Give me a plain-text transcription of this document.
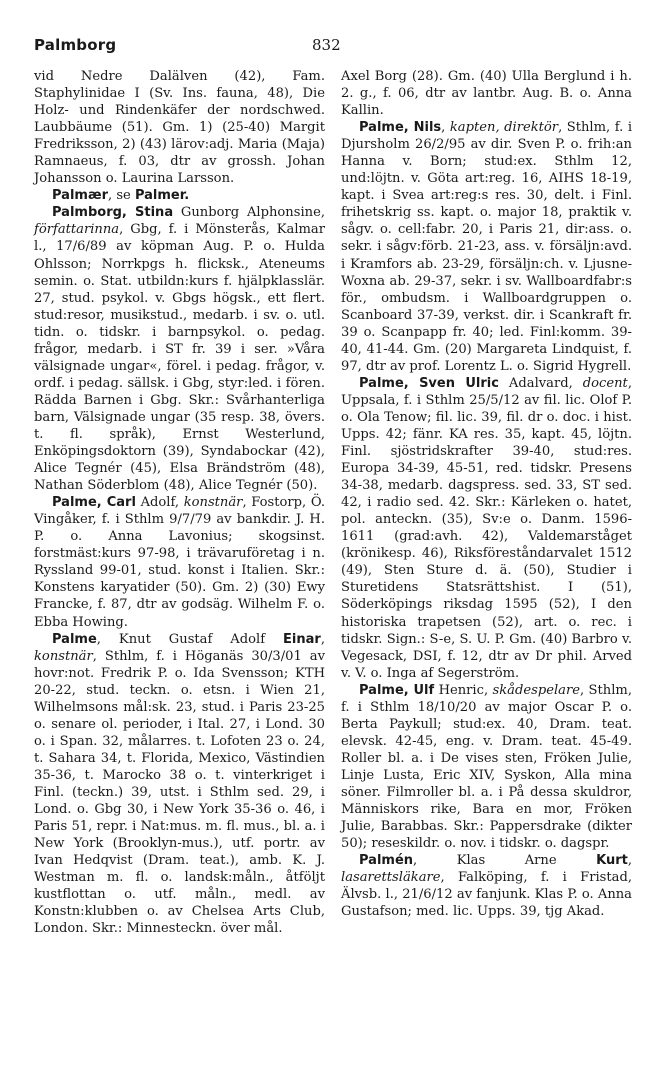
Palmborg	832

vid Nedre Dalälven (42), Fam. Staphylinidae I (Sv. Ins. fauna, 48), Die Holz- und Rindenkäfer der nordschwed. Laubbäume (51). Gm. 1) (25-40) Margit Fredriksson, 2) (43) lärov:adj. Maria (Maja) Ramnaeus, f. 03, dtr av grossh. Johan Johansson o. Laurina Larsson.

Palmær, se Palmer.

Palmborg, Stina Gunborg Alphonsine, författarinna, Gbg, f. i Mönsterås, Kalmar l., 17/6/89 av köpman Aug. P. o. Hulda Ohlsson; Norrkpgs h. flicksk., Ateneums semin. o. Stat. utbildn:kurs f. hjälpklasslär. 27, stud. psykol. v. Gbgs högsk., ett flert. stud:resor, musikstud., medarb. i sv. o. utl. tidn. o. tidskr. i barnpsykol. o. pedag. frågor, medarb. i ST fr. 39 i ser. »Våra välsignade ungar«, förel. i pedag. frågor, v. ordf. i pedag. sällsk. i Gbg, styr:led. i fören. Rädda Barnen i Gbg. Skr.: Svårhanterliga barn, Välsignade ungar (35 resp. 38, övers. t. fl. språk), Ernst Westerlund, Enköpingsdoktorn (39), Syndabockar (42), Alice Tegnér (45), Elsa Brändström (48), Nathan Söderblom (48), Alice Tegnér (50).

Palme, Carl Adolf, konstnär, Fostorp, Ö. Vingåker, f. i Sthlm 9/7/79 av bankdir. J. H. P. o. Anna Lavonius; skogsinst. forstmäst:kurs 97-98, i trävaruföretag i n. Ryssland 99-01, stud. konst i Italien. Skr.: Konstens karyatider (50). Gm. 2) (30) Ewy Francke, f. 87, dtr av godsäg. Wilhelm F. o. Ebba Howing.

Palme, Knut Gustaf Adolf Einar, konstnär, Sthlm, f. i Höganäs 30/3/01 av hovr:not. Fredrik P. o. Ida Svensson; KTH 20-22, stud. teckn. o. etsn. i Wien 21, Wilhelmsons mål:sk. 23, stud. i Paris 23-25 o. senare ol. perioder, i Ital. 27, i Lond. 30 o. i Span. 32, målarres. t. Lofoten 23 o. 24, t. Sahara 34, t. Florida, Mexico, Västindien 35-36, t. Marocko 38 o. t. vinterkriget i Finl. (teckn.) 39, utst. i Sthlm sed. 29, i Lond. o. Gbg 30, i New York 35-36 o. 46, i Paris 51, repr. i Nat:mus. m. fl. mus., bl. a. i New York (Brooklyn-mus.), utf. portr. av Ivan Hedqvist (Dram. teat.), amb. K. J. Westman m. fl. o. landsk:måln., åtföljt kustflottan o. utf. måln., medl. av Konstn:klubben o. av Chelsea Arts Club, London. Skr.: Minnesteckn. över mål.

Axel Borg (28). Gm. (40) Ulla Berglund i h. 2. g., f. 06, dtr av lantbr. Aug. B. o. Anna Kallin.

Palme, Nils, kapten, direktör, Sthlm, f. i Djursholm 26/2/95 av dir. Sven P. o. frih:an Hanna v. Born; stud:ex. Sthlm 12, und:löjtn. v. Göta art:reg. 16, AIHS 18-19, kapt. i Svea art:reg:s res. 30, delt. i Finl. frihetskrig ss. kapt. o. major 18, praktik v. sågv. o. cell:fabr. 20, i Paris 21, dir:ass. o. sekr. i sågv:förb. 21-23, ass. v. försäljn:avd. i Kramfors ab. 23-29, försäljn:ch. v. Ljusne-Woxna ab. 29-37, sekr. i sv. Wallboardfabr:s för., ombudsm. i Wallboardgruppen o. Scanboard 37-39, verkst. dir. i Scankraft fr. 39 o. Scanpapp fr. 40; led. Finl:komm. 39-40, 41-44. Gm. (20) Margareta Lindquist, f. 97, dtr av prof. Lorentz L. o. Sigrid Hygrell.

Palme, Sven Ulric Adalvard, docent, Uppsala, f. i Sthlm 25/5/12 av fil. lic. Olof P. o. Ola Tenow; fil. lic. 39, fil. dr o. doc. i hist. Upps. 42; fänr. KA res. 35, kapt. 45, löjtn. Finl. sjöstridskrafter 39-40, stud:res. Europa 34-39, 45-51, red. tidskr. Presens 34-38, medarb. dagspress. sed. 33, ST sed. 42, i radio sed. 42. Skr.: Kärleken o. hatet, pol. anteckn. (35), Sv:e o. Danm. 1596-1611 (grad:avh. 42), Valdemarståget (krönikesp. 46), Riksföreståndarvalet 1512 (49), Sten Sture d. ä. (50), Studier i Sturetidens Statsrättshist. I (51), Söderköpings riksdag 1595 (52), I den historiska trapetsen (52), art. o. rec. i tidskr. Sign.: S-e, S. U. P. Gm. (40) Barbro v. Vegesack, DSI, f. 12, dtr av Dr phil. Arved v. V. o. Inga af Segerström.

Palme, Ulf Henric, skådespelare, Sthlm, f. i Sthlm 18/10/20 av major Oscar P. o. Berta Paykull; stud:ex. 40, Dram. teat. elevsk. 42-45, eng. v. Dram. teat. 45-49. Roller bl. a. i De vises sten, Fröken Julie, Linje Lusta, Eric XIV, Syskon, Alla mina söner. Filmroller bl. a. i På dessa skuldror, Människors rike, Bara en mor, Fröken Julie, Barabbas. Skr.: Pappersdrake (dikter 50); reseskildr. o. nov. i tidskr. o. dagspr.

Palmén, Klas Arne Kurt, lasarettsläkare, Falköping, f. i Fristad, Älvsb. l., 21/6/12 av fanjunk. Klas P. o. Anna Gustafson; med. lic. Upps. 39, tjg Akad.
